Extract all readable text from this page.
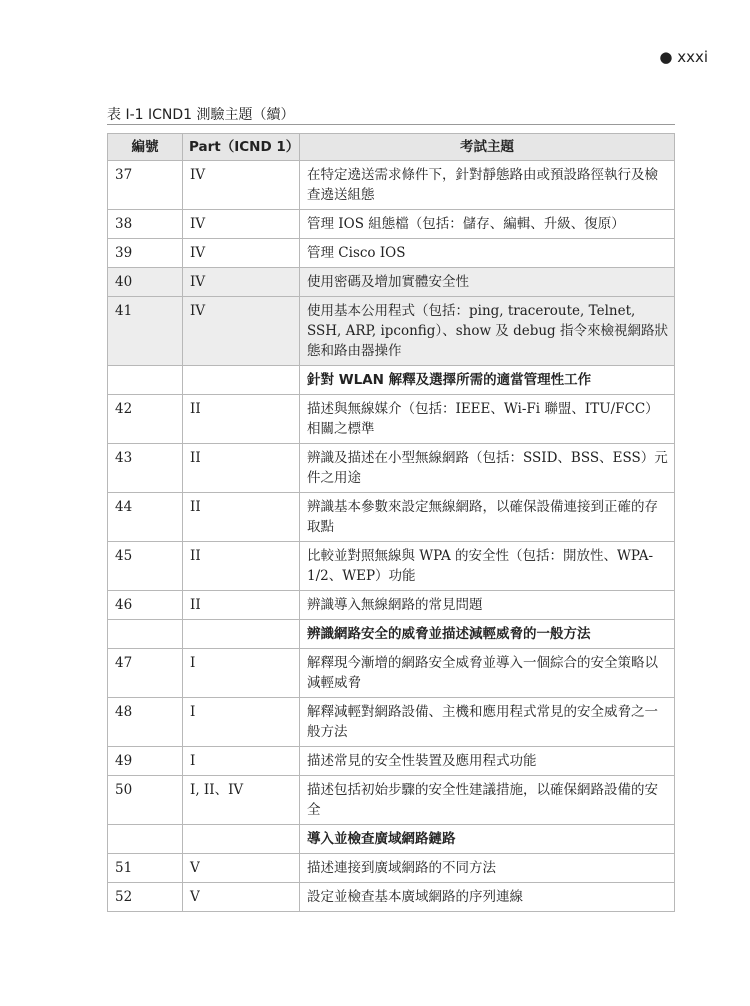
● xxxi
表 I-1 ICND1 測驗主題（續）
編號	Part（ICND 1）	考試主題
37	IV	在特定遶送需求條件下，針對靜態路由或預設路徑執行及檢查遶送組態
38	IV	管理 IOS 組態檔（包括：儲存、編輯、升級、復原）
39	IV	管理 Cisco IOS
40	IV	使用密碼及增加實體安全性
41	IV	使用基本公用程式（包括：ping, traceroute, Telnet, SSH, ARP, ipconfig）、show 及 debug 指令來檢視網路狀態和路由器操作
		針對 WLAN 解釋及選擇所需的適當管理性工作
42	II	描述與無線媒介（包括：IEEE、Wi-Fi 聯盟、ITU/FCC）相關之標準
43	II	辨識及描述在小型無線網路（包括：SSID、BSS、ESS）元件之用途
44	II	辨識基本參數來設定無線網路，以確保設備連接到正確的存取點
45	II	比較並對照無線與 WPA 的安全性（包括：開放性、WPA-1/2、WEP）功能
46	II	辨識導入無線網路的常見問題
		辨識網路安全的威脅並描述減輕威脅的一般方法
47	I	解釋現今漸增的網路安全威脅並導入一個綜合的安全策略以減輕威脅
48	I	解釋減輕對網路設備、主機和應用程式常見的安全威脅之一般方法
49	I	描述常見的安全性裝置及應用程式功能
50	I, II、IV	描述包括初始步驟的安全性建議措施，以確保網路設備的安全
		導入並檢查廣域網路鏈路
51	V	描述連接到廣域網路的不同方法
52	V	設定並檢查基本廣域網路的序列連線
